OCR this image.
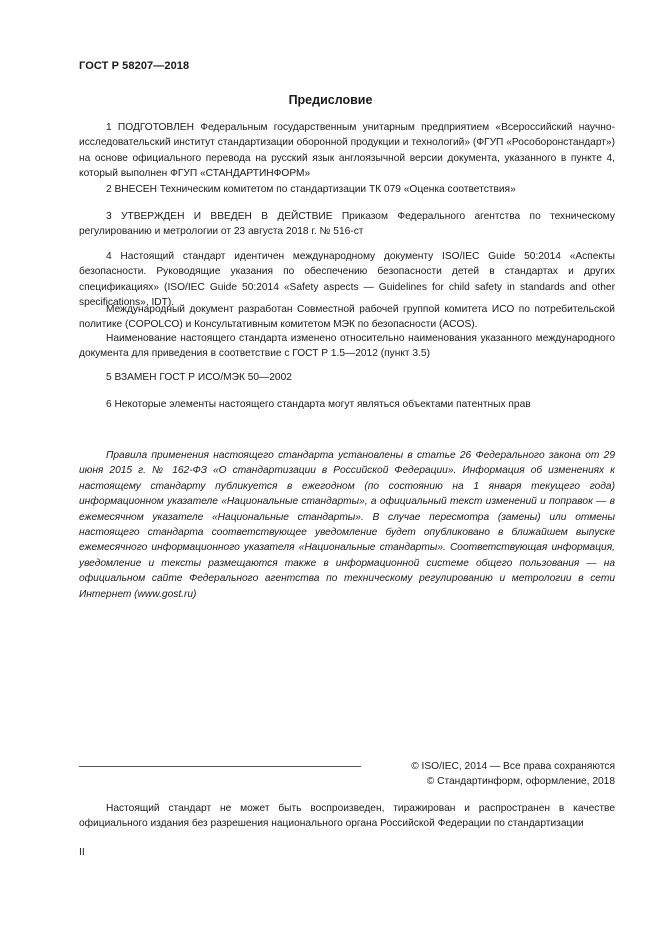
ГОСТ Р 58207—2018
Предисловие

1 ПОДГОТОВЛЕН Федеральным государственным унитарным предприятием «Всероссийский научно-исследовательский институт стандартизации оборонной продукции и технологий» (ФГУП «Рособоронстандарт») на основе официального перевода на русский язык англоязычной версии документа, указанного в пункте 4, который выполнен ФГУП «СТАНДАРТИНФОРМ»

2 ВНЕСЕН Техническим комитетом по стандартизации ТК 079 «Оценка соответствия»

3 УТВЕРЖДЕН И ВВЕДЕН В ДЕЙСТВИЕ Приказом Федерального агентства по техническому регулированию и метрологии от 23 августа 2018 г. № 516-ст

4 Настоящий стандарт идентичен международному документу ISO/IEC Guide 50:2014 «Аспекты безопасности. Руководящие указания по обеспечению безопасности детей в стандартах и других спецификациях» (ISO/IEC Guide 50:2014 «Safety aspects — Guidelines for child safety in standards and other specifications», IDT).

Международный документ разработан Совместной рабочей группой комитета ИСО по потребительской политике (COPOLCO) и Консультативным комитетом МЭК по безопасности (ACOS).

Наименование настоящего стандарта изменено относительно наименования указанного международного документа для приведения в соответствие с ГОСТ Р 1.5—2012 (пункт 3.5)

5 ВЗАМЕН ГОСТ Р ИСО/МЭК 50—2002

6 Некоторые элементы настоящего стандарта могут являться объектами патентных прав

Правила применения настоящего стандарта установлены в статье 26 Федерального закона от 29 июня 2015 г. № 162-ФЗ «О стандартизации в Российской Федерации». Информация об изменениях к настоящему стандарту публикуется в ежегодном (по состоянию на 1 января текущего года) информационном указателе «Национальные стандарты», а официальный текст изменений и поправок — в ежемесячном указателе «Национальные стандарты». В случае пересмотра (замены) или отмены настоящего стандарта соответствующее уведомление будет опубликовано в ближайшем выпуске ежемесячного информационного указателя «Национальные стандарты». Соответствующая информация, уведомление и тексты размещаются также в информационной системе общего пользования — на официальном сайте Федерального агентства по техническому регулированию и метрологии в сети Интернет (www.gost.ru)

© ISO/IEC, 2014 — Все права сохраняются
© Стандартинформ, оформление, 2018

Настоящий стандарт не может быть воспроизведен, тиражирован и распространен в качестве официального издания без разрешения национального органа Российской Федерации по стандартизации

II
